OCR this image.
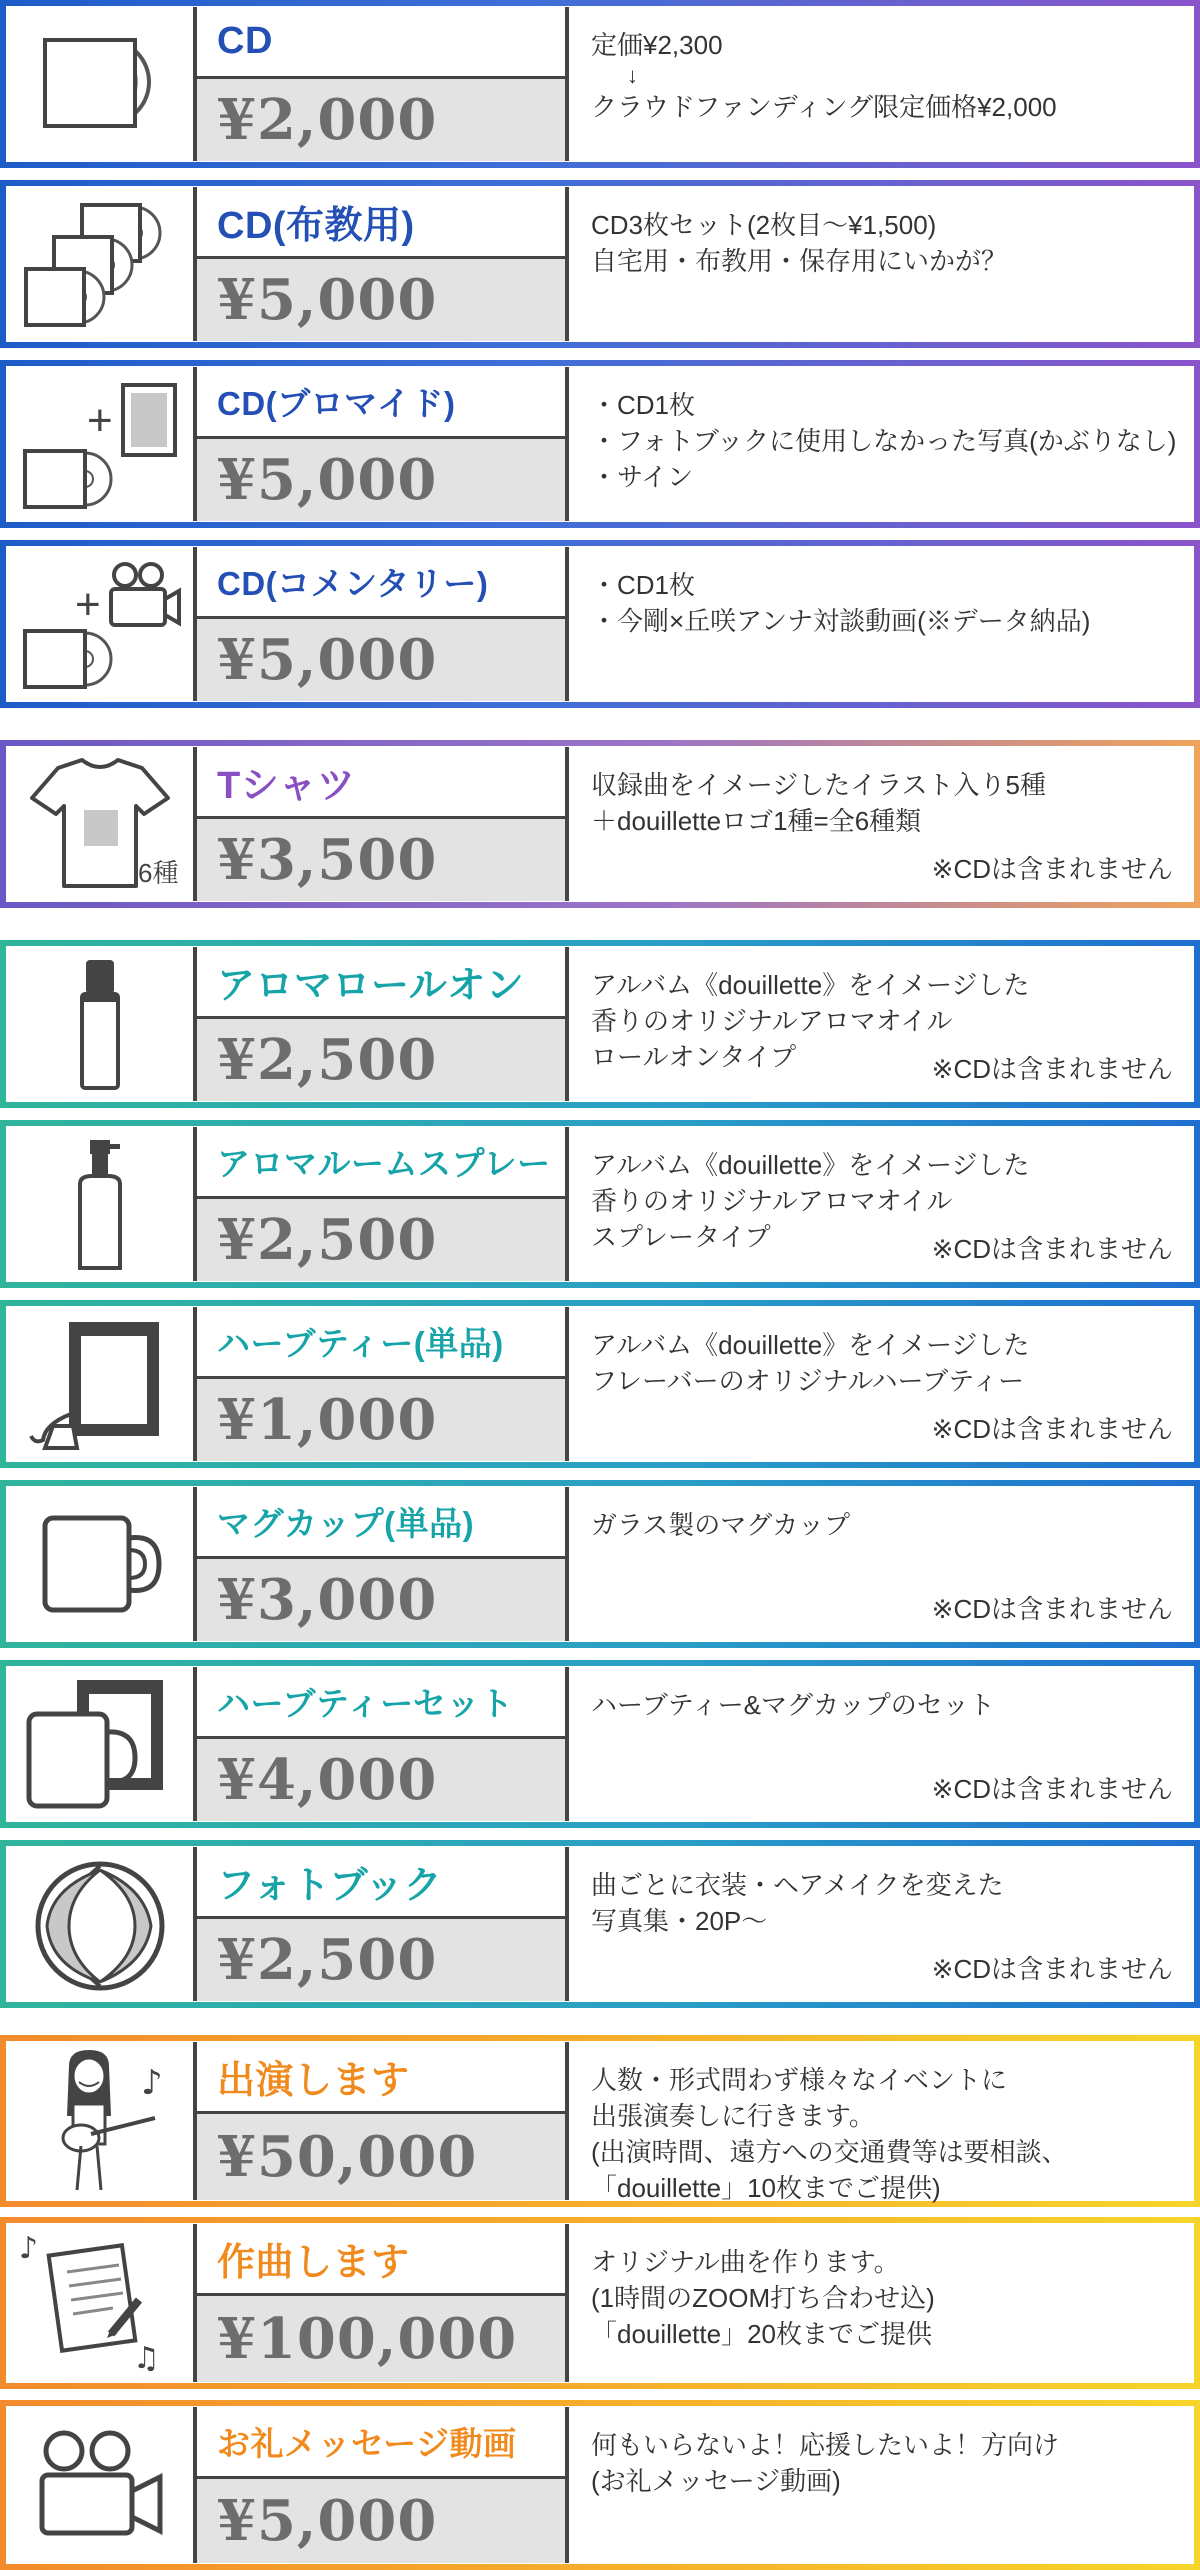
CD
¥2,000
定価¥2,300
↓
クラウドファンディング限定価格¥2,000
CD(布教用)
¥5,000
CD3枚セット(2枚目〜¥1,500)
自宅用・布教用・保存用にいかが？
+	CD(ブロマイド)
¥5,000
・CD1枚
・フォトブックに使用しなかった写真(かぶりなし)
・サイン
+	CD(コメンタリー)
¥5,000
・CD1枚
・今剛×丘咲アンナ対談動画(※データ納品)
6種
Tシャツ
¥3,500
収録曲をイメージしたイラスト入り5種
＋douilletteロゴ1種=全6種類
※CDは含まれません
アロマロールオン
¥2,500
アルバム《douillette》をイメージした
香りのオリジナルアロマオイル
ロールオンタイプ	※CDは含まれません
アロマルームスプレー
¥2,500
アルバム《douillette》をイメージした
香りのオリジナルアロマオイル
スプレータイプ	※CDは含まれません
ハーブティー(単品)
¥1,000
アルバム《douillette》をイメージした
フレーバーのオリジナルハーブティー
※CDは含まれません
マグカップ(単品)
¥3,000
ガラス製のマグカップ
※CDは含まれません
ハーブティーセット
¥4,000
ハーブティー&マグカップのセット
※CDは含まれません
フォトブック
¥2,500
曲ごとに衣装・ヘアメイクを変えた
写真集・20P〜
※CDは含まれません
♪	出演します
¥50,000
人数・形式問わず様々なイベントに
出張演奏しに行きます。
(出演時間、遠方への交通費等は要相談、
「douillette」10枚までご提供)
♪
♫
作曲します
¥100,000
オリジナル曲を作ります。
(1時間のZOOM打ち合わせ込)
「douillette」20枚までご提供
お礼メッセージ動画
¥5,000
何もいらないよ！応援したいよ！方向け
(お礼メッセージ動画)
